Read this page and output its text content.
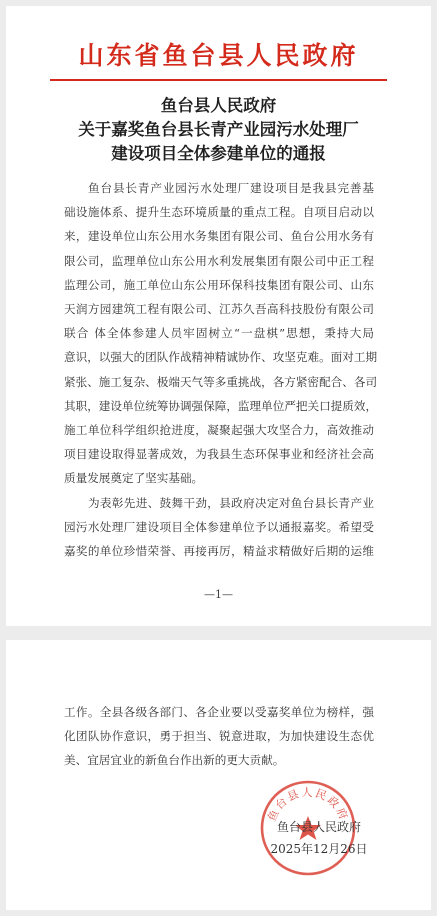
山东省鱼台县人民政府
鱼台县人民政府
关于嘉奖鱼台县长青产业园污水处理厂
建设项目全体参建单位的通报
鱼台县长青产业园污水处理厂建设项目是我县完善基
础设施体系、提升生态环境质量的重点工程。自项目启动以
来，建设单位山东公用水务集团有限公司、鱼台公用水务有
限公司，监理单位山东公用水利发展集团有限公司中正工程
监理公司，施工单位山东公用环保科技集团有限公司、山东
天润方园建筑工程有限公司、江苏久吾高科技股份有限公司
联合 体全体参建人员牢固树立“一盘棋”思想，秉持大局
意识，以强大的团队作战精神精诚协作、攻坚克难。面对工期
紧张、施工复杂、极端天气等多重挑战，各方紧密配合、各司
其职，建设单位统筹协调强保障，监理单位严把关口提质效，
施工单位科学组织抢进度，凝聚起强大攻坚合力，高效推动
项目建设取得显著成效，为我县生态环保事业和经济社会高
质量发展奠定了坚实基础。
为表彰先进、鼓舞干劲，县政府决定对鱼台县长青产业
园污水处理厂建设项目全体参建单位予以通报嘉奖。希望受
嘉奖的单位珍惜荣誉、再接再厉，精益求精做好后期的运维
—1—
工作。全县各级各部门、各企业要以受嘉奖单位为榜样，强
化团队协作意识，勇于担当、锐意进取，为加快建设生态优
美、宜居宜业的新鱼台作出新的更大贡献。
鱼台县人民政府
鱼台县人民政府
2025年12月26日
